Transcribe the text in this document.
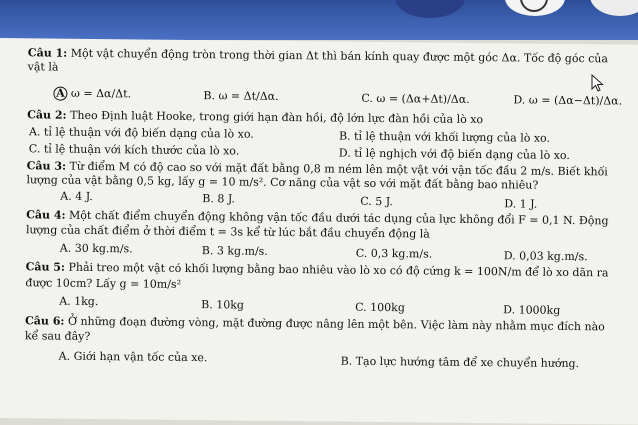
Câu 1: Một vật chuyển động tròn trong thời gian Δt thì bán kính quay được một góc Δα. Tốc độ góc của
vật là
A ω = Δα/Δt.	B. ω = Δt/Δα.	C. ω = (Δα+Δt)/Δα.	D. ω = (Δα−Δt)/Δα.
Câu 2: Theo Định luật Hooke, trong giới hạn đàn hồi, độ lớn lực đàn hồi của lò xo
A. tỉ lệ thuận với độ biến dạng của lò xo.	B. tỉ lệ thuận với khối lượng của lò xo.
C. tỉ lệ thuận với kích thước của lò xo.	D. tỉ lệ nghịch với độ biến dạng của lò xo.
Câu 3: Từ điểm M có độ cao so với mặt đất bằng 0,8 m ném lên một vật với vận tốc đầu 2 m/s. Biết khối
lượng của vật bằng 0,5 kg, lấy g = 10 m/s². Cơ năng của vật so với mặt đất bằng bao nhiêu?
A. 4 J.	B. 8 J.	C. 5 J.	D. 1 J.
Câu 4: Một chất điểm chuyển động không vận tốc đầu dưới tác dụng của lực không đổi F = 0,1 N. Động
lượng của chất điểm ở thời điểm t = 3s kể từ lúc bắt đầu chuyển động là
A. 30 kg.m/s.	B. 3 kg.m/s.	C. 0,3 kg.m/s.	D. 0,03 kg.m/s.
Câu 5: Phải treo một vật có khối lượng bằng bao nhiêu vào lò xo có độ cứng k = 100N/m để lò xo dãn ra
được 10cm? Lấy g = 10m/s²
A. 1kg.	B. 10kg	C. 100kg	D. 1000kg
Câu 6: Ở những đoạn đường vòng, mặt đường được nâng lên một bên. Việc làm này nhằm mục đích nào
kể sau đây?
A. Giới hạn vận tốc của xe.	B. Tạo lực hướng tâm để xe chuyển hướng.
